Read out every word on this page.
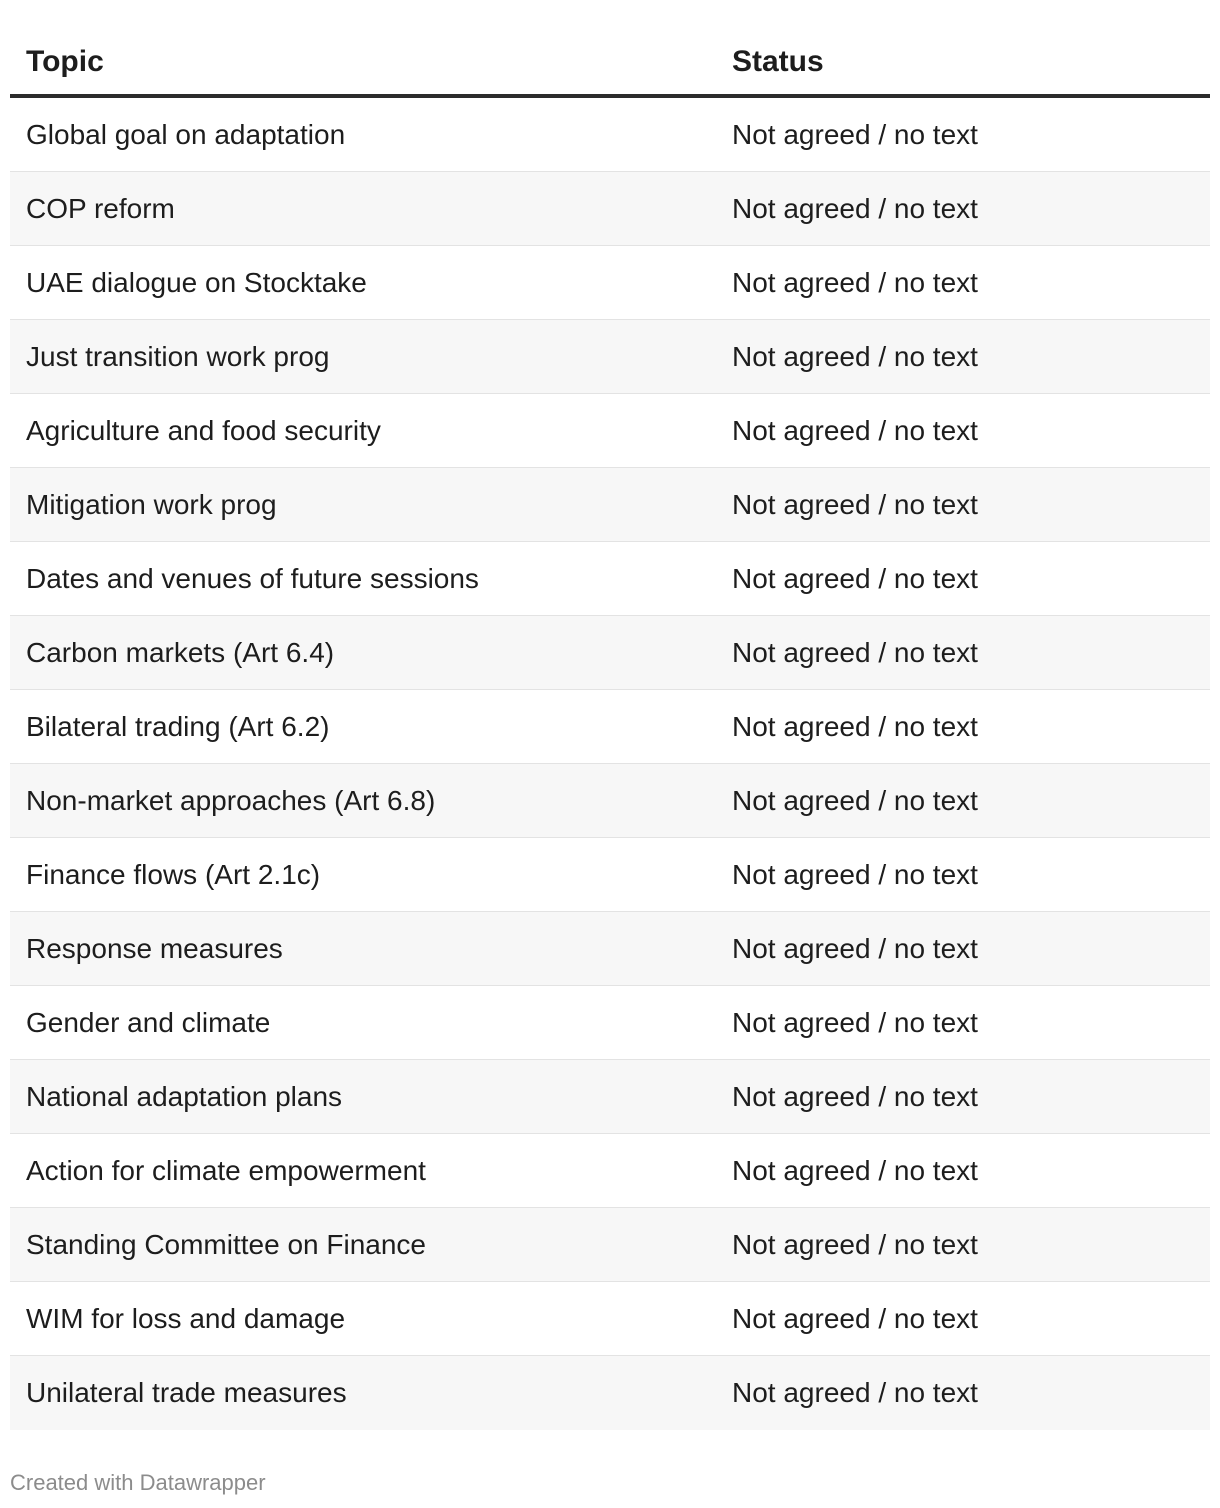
Topic	Status
Global goal on adaptation	Not agreed / no text
COP reform	Not agreed / no text
UAE dialogue on Stocktake	Not agreed / no text
Just transition work prog	Not agreed / no text
Agriculture and food security	Not agreed / no text
Mitigation work prog	Not agreed / no text
Dates and venues of future sessions	Not agreed / no text
Carbon markets (Art 6.4)	Not agreed / no text
Bilateral trading (Art 6.2)	Not agreed / no text
Non-market approaches (Art 6.8)	Not agreed / no text
Finance flows (Art 2.1c)	Not agreed / no text
Response measures	Not agreed / no text
Gender and climate	Not agreed / no text
National adaptation plans	Not agreed / no text
Action for climate empowerment	Not agreed / no text
Standing Committee on Finance	Not agreed / no text
WIM for loss and damage	Not agreed / no text
Unilateral trade measures	Not agreed / no text
Created with Datawrapper
